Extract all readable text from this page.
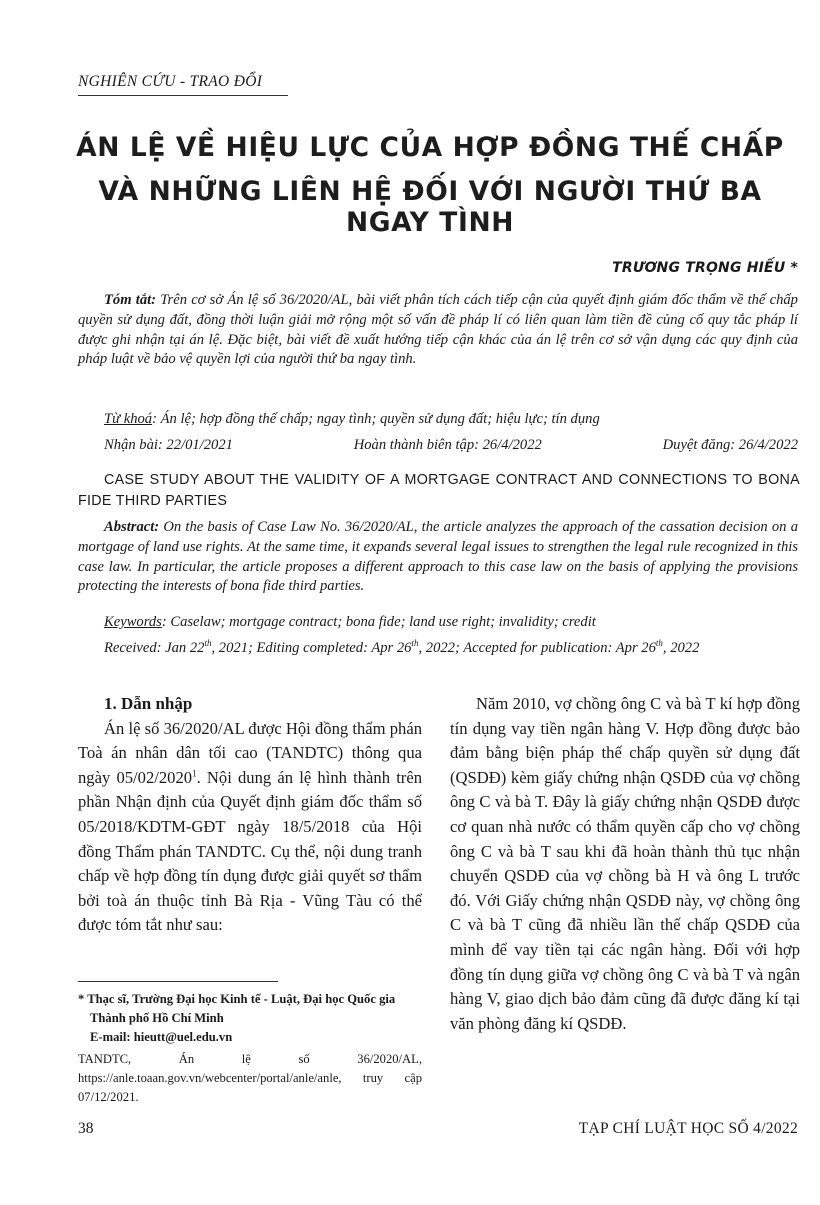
NGHIÊN CỨU - TRAO ĐỔI
ÁN LỆ VỀ HIỆU LỰC CỦA HỢP ĐỒNG THẾ CHẤP
VÀ NHỮNG LIÊN HỆ ĐỐI VỚI NGƯỜI THỨ BA NGAY TÌNH
TRƯƠNG TRỌNG HIẾU *
Tóm tắt: Trên cơ sở Án lệ số 36/2020/AL, bài viết phân tích cách tiếp cận của quyết định giám đốc thẩm về thế chấp quyền sử dụng đất, đồng thời luận giải mở rộng một số vấn đề pháp lí có liên quan làm tiền đề củng cố quy tắc pháp lí được ghi nhận tại án lệ. Đặc biệt, bài viết đề xuất hướng tiếp cận khác của án lệ trên cơ sở vận dụng các quy định của pháp luật về bảo vệ quyền lợi của người thứ ba ngay tình.
Từ khoá: Án lệ; hợp đồng thế chấp; ngay tình; quyền sử dụng đất; hiệu lực; tín dụng
Nhận bài: 22/01/2021	Hoàn thành biên tập: 26/4/2022	Duyệt đăng: 26/4/2022
CASE STUDY ABOUT THE VALIDITY OF A MORTGAGE CONTRACT AND CONNECTIONS TO BONA FIDE THIRD PARTIES
Abstract: On the basis of Case Law No. 36/2020/AL, the article analyzes the approach of the cassation decision on a mortgage of land use rights. At the same time, it expands several legal issues to strengthen the legal rule recognized in this case law. In particular, the article proposes a different approach to this case law on the basis of applying the provisions protecting the interests of bona fide third parties.
Keywords: Caselaw; mortgage contract; bona fide; land use right; invalidity; credit
Received: Jan 22th, 2021; Editing completed: Apr 26th, 2022; Accepted for publication: Apr 26th, 2022
1. Dẫn nhập
Án lệ số 36/2020/AL được Hội đồng thẩm phán Toà án nhân dân tối cao (TANDTC) thông qua ngày 05/02/2020$^1$. Nội dung án lệ hình thành trên phần Nhận định của Quyết định giám đốc thẩm số 05/2018/KDTM-GĐT ngày 18/5/2018 của Hội đồng Thẩm phán TANDTC. Cụ thể, nội dung tranh chấp về hợp đồng tín dụng được giải quyết sơ thẩm bởi toà án thuộc tỉnh Bà Rịa - Vũng Tàu có thể được tóm tắt như sau:
Năm 2010, vợ chồng ông C và bà T kí hợp đồng tín dụng vay tiền ngân hàng V. Hợp đồng được bảo đảm bằng biện pháp thế chấp quyền sử dụng đất (QSDĐ) kèm giấy chứng nhận QSDĐ của vợ chồng ông C và bà T. Đây là giấy chứng nhận QSDĐ được cơ quan nhà nước có thẩm quyền cấp cho vợ chồng ông C và bà T sau khi đã hoàn thành thủ tục nhận chuyển QSDĐ của vợ chồng bà H và ông L trước đó. Với Giấy chứng nhận QSDĐ này, vợ chồng ông C và bà T cũng đã nhiều lần thế chấp QSDĐ của mình để vay tiền tại các ngân hàng. Đối với hợp đồng tín dụng giữa vợ chồng ông C và bà T và ngân hàng V, giao dịch bảo đảm cũng đã được đăng kí tại văn phòng đăng kí QSDĐ.
* Thạc sĩ, Trường Đại học Kinh tế - Luật, Đại học Quốc gia Thành phố Hồ Chí Minh
E-mail: hieutt@uel.edu.vn
TANDTC, Án lệ số 36/2020/AL, https://anle.toaan.gov.vn/webcenter/portal/anle/anle, truy cập 07/12/2021.
38	TẠP CHÍ LUẬT HỌC SỐ 4/2022
